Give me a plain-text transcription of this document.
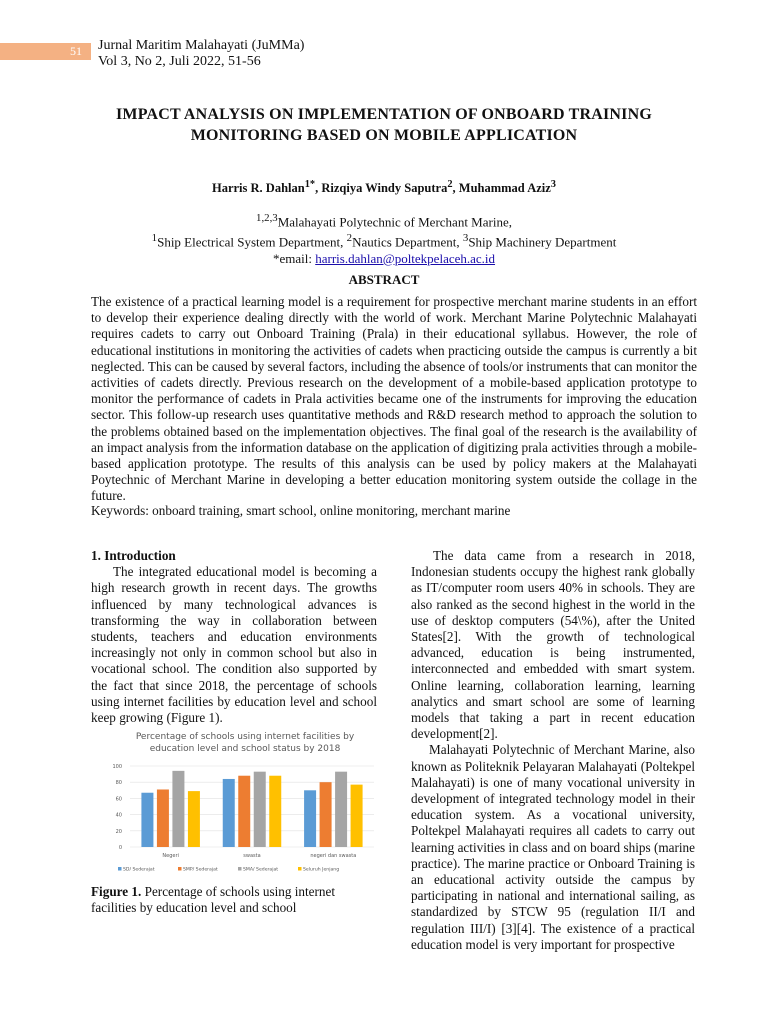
51	Jurnal Maritim Malahayati (JuMMa)
Vol 3, No 2, Juli 2022, 51-56
IMPACT ANALYSIS ON IMPLEMENTATION OF ONBOARD TRAINING
MONITORING BASED ON MOBILE APPLICATION
Harris R. Dahlan$^{1*}$, Rizqiya Windy Saputra$^2$, Muhammad Aziz$^3$
$^{1,2,3}$Malahayati Polytechnic of Merchant Marine,
$^1$Ship Electrical System Department, $^2$Nautics Department, $^3$Ship Machinery Department
*email: harris.dahlan@poltekpelaceh.ac.id
ABSTRACT

The existence of a practical learning model is a requirement for prospective merchant marine students in an effort to develop their experience dealing directly with the world of work. Merchant Marine Polytechnic Malahayati requires cadets to carry out Onboard Training (Prala) in their educational syllabus. However, the role of educational institutions in monitoring the activities of cadets when practicing outside the campus is currently a bit neglected. This can be caused by several factors, including the absence of tools/or instruments that can monitor the activities of cadets directly. Previous research on the development of a mobile-based application prototype to monitor the performance of cadets in Prala activities became one of the instruments for improving the education sector. This follow-up research uses quantitative methods and R&D research method to approach the solution to the problems obtained based on the implementation objectives. The final goal of the research is the availability of an impact analysis from the information database on the application of digitizing prala activities through a mobile-based application prototype. The results of this analysis can be used by policy makers at the Malahayati Poytechnic of Merchant Marine in developing a better education monitoring system outside the collage in the future.

Keywords: onboard training, smart school, online monitoring, merchant marine

1. Introduction

The integrated educational model is becoming a high research growth in recent days. The growths influenced by many technological advances is transforming the way in collaboration between students, teachers and education environments increasingly not only in common school but also in vocational school. The condition also supported by the fact that since 2018, the percentage of schools using internet facilities by education level and school keep growing (Figure 1).

Percentage of schools using internet facilities by
education level and school status by 2018
0
20
40
60
80
100
Negeri	swasta	negeri dan swasta
SD/ Sederajat	SMP/ Sederajat	SMA/ Sederajat	Seluruh Jenjang

Figure 1. Percentage of schools using internet facilities by education level and school

The data came from a research in 2018, Indonesian students occupy the highest rank globally as IT/computer room users 40% in schools. They are also ranked as the second highest in the world in the use of desktop computers (54\%), after the United States[2]. With the growth of technological advanced, education is being instrumented, interconnected and embedded with smart system. Online learning, collaboration learning, learning analytics and smart school are some of learning models that taking a part in recent education development[2].

Malahayati Polytechnic of Merchant Marine, also known as Politeknik Pelayaran Malahayati (Poltekpel Malahayati) is one of many vocational university in development of integrated technology model in their education system. As a vocational university, Poltekpel Malahayati requires all cadets to carry out learning activities in class and on board ships (marine practice). The marine practice or Onboard Training is an educational activity outside the campus by participating in national and international sailing, as standardized by STCW 95 (regulation II/I and regulation III/I) [3][4]. The existence of a practical education model is very important for prospective
